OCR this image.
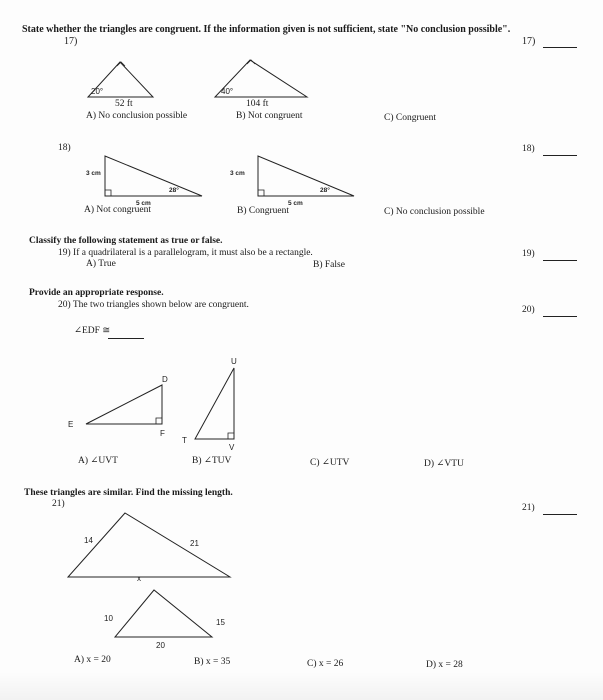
State whether the triangles are congruent. If the information given is not sufficient, state "No conclusion possible".
17)	17)
20°
52 ft
40°
104 ft
A) No conclusion possible	B) Not congruent	C) Congruent
18)	18)
3 cm
28°
5 cm
3 cm
28°
5 cm
A) Not congruent	B) Congruent	C) No conclusion possible
Classify the following statement as true or false.
19) If a quadrilateral is a parallelogram, it must also be a rectangle.	19)
A) True	B) False
Provide an appropriate response.
20) The two triangles shown below are congruent.	20)
∠EDF ≅
D
E
F
U
T
V
A) ∠UVT	B) ∠TUV	C) ∠UTV	D) ∠VTU
These triangles are similar. Find the missing length.
21)	21)
14	21
x
10	15
20
A) x = 20	B) x = 35	C) x = 26	D) x = 28
